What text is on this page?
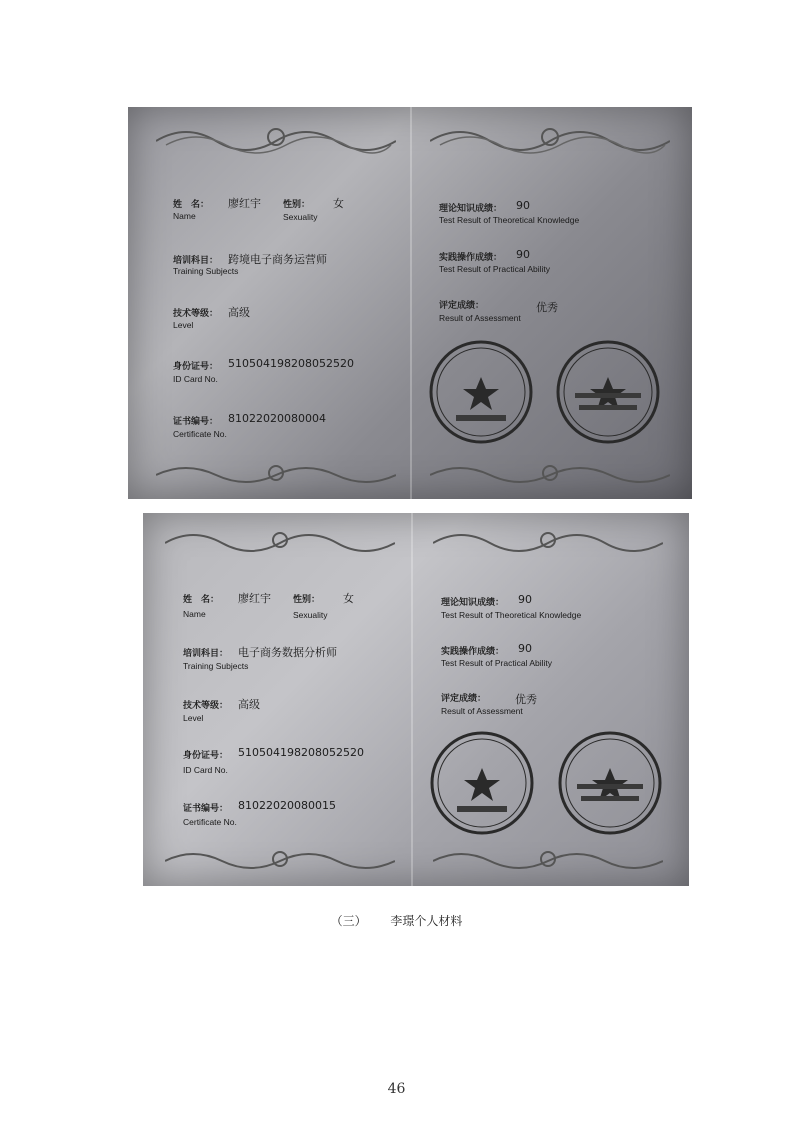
姓　名： 廖红宇 性别： 女
Name	Sexuality
培训科目： 跨境电子商务运营师
Training Subjects
技术等级： 高级
Level
身份证号： 510504198208052520
ID Card No.
证书编号： 81022020080004
Certificate No.
理论知识成绩： 90
Test Result of Theoretical Knowledge
实践操作成绩： 90
Test Result of Practical Ability
评定成绩：	优秀
Result of Assessment
姓　名： 廖红宇 性别： 女
Name	Sexuality
培训科目： 电子商务数据分析师
Training Subjects
技术等级： 高级
Level
身份证号： 510504198208052520
ID Card No.
证书编号： 81022020080015
Certificate No.
理论知识成绩： 90
Test Result of Theoretical Knowledge
实践操作成绩： 90
Test Result of Practical Ability
评定成绩：	优秀
Result of Assessment
（三） 李璟个人材料
46
